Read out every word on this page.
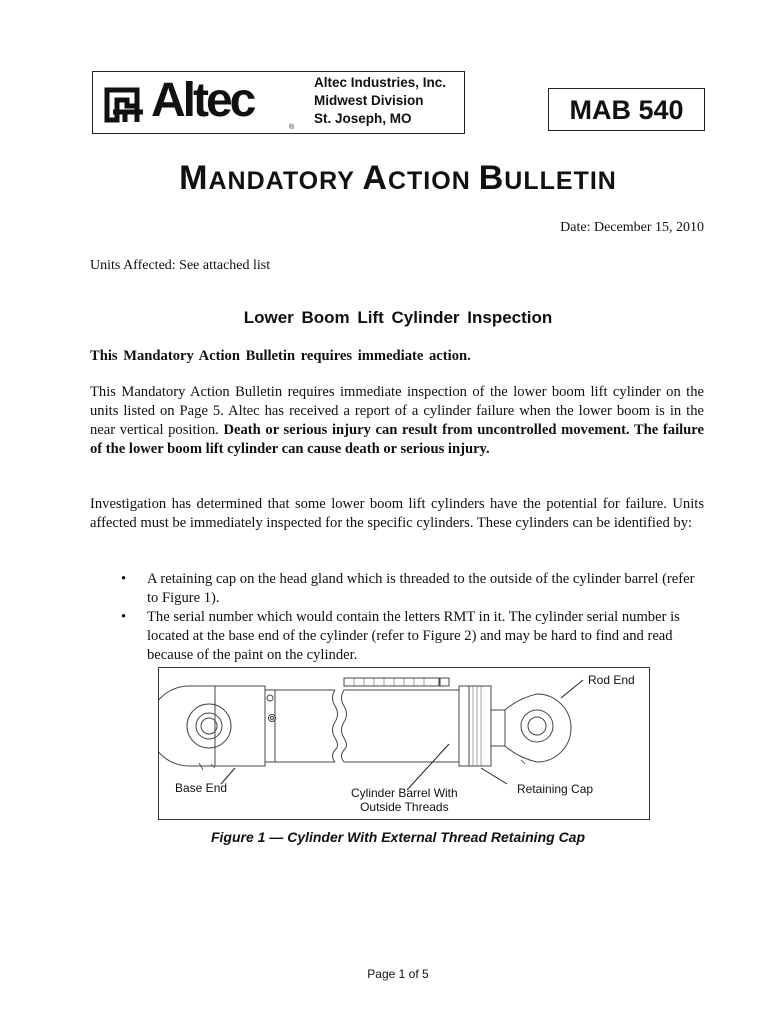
Altec
®
Altec Industries, Inc.
Midwest Division
St. Joseph, MO	MAB 540
MANDATORY ACTION BULLETIN
Date: December 15, 2010
Units Affected: See attached list
Lower Boom Lift Cylinder Inspection
This Mandatory Action Bulletin requires immediate action.
This Mandatory Action Bulletin requires immediate inspection of the lower boom lift cylinder on the units listed on Page 5. Altec has received a report of a cylinder failure when the lower boom is in the near vertical position. Death or serious injury can result from uncontrolled movement. The failure of the lower boom lift cylinder can cause death or serious injury.
Investigation has determined that some lower boom lift cylinders have the potential for failure. Units affected must be immediately inspected for the specific cylinders. These cylinders can be identified by:
• A retaining cap on the head gland which is threaded to the outside of the cylinder barrel (refer to Figure 1).
• The serial number which would contain the letters RMT in it. The cylinder serial number is located at the base end of the cylinder (refer to Figure 2) and may be hard to find and read because of the paint on the cylinder.
Rod End
Base End	Cylinder Barrel With
Outside Threads
Retaining Cap
Figure 1 — Cylinder With External Thread Retaining Cap
Page 1 of 5
